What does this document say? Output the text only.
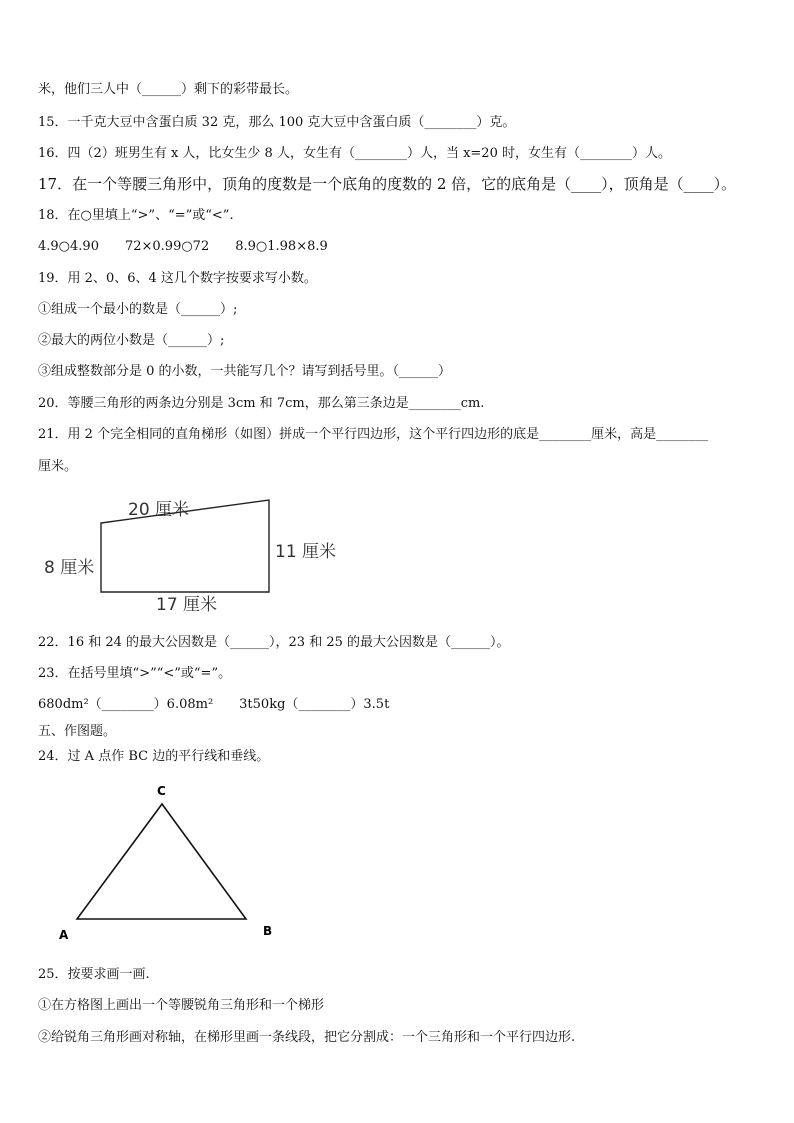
米，他们三人中（______）剩下的彩带最长。
15．一千克大豆中含蛋白质 32 克，那么 100 克大豆中含蛋白质（________）克。
16．四（2）班男生有 x 人，比女生少 8 人，女生有（________）人，当 x=20 时，女生有（________）人。
17．在一个等腰三角形中，顶角的度数是一个底角的度数的 2 倍，它的底角是（____），顶角是（____）。
18．在○里填上“>”、“=”或“<”.
4.9○4.90　　72×0.99○72　　8.9○1.98×8.9
19．用 2、0、6、4 这几个数字按要求写小数。
①组成一个最小的数是（______）;
②最大的两位小数是（______）;
③组成整数部分是 0 的小数，一共能写几个？请写到括号里。（______）
20．等腰三角形的两条边分别是 3cm 和 7cm，那么第三条边是________cm.
21．用 2 个完全相同的直角梯形（如图）拼成一个平行四边形，这个平行四边形的底是________厘米，高是________
厘米。
20 厘米
8 厘米
11 厘米
17 厘米
22．16 和 24 的最大公因数是（______），23 和 25 的最大公因数是（______）。
23．在括号里填“>”“<”或“=”。
680dm²（________）6.08m²　　3t50kg（________）3.5t
五、作图题。
24．过 A 点作 BC 边的平行线和垂线。
C
A	B
25．按要求画一画.
①在方格图上画出一个等腰锐角三角形和一个梯形
②给锐角三角形画对称轴，在梯形里画一条线段，把它分割成：一个三角形和一个平行四边形.
